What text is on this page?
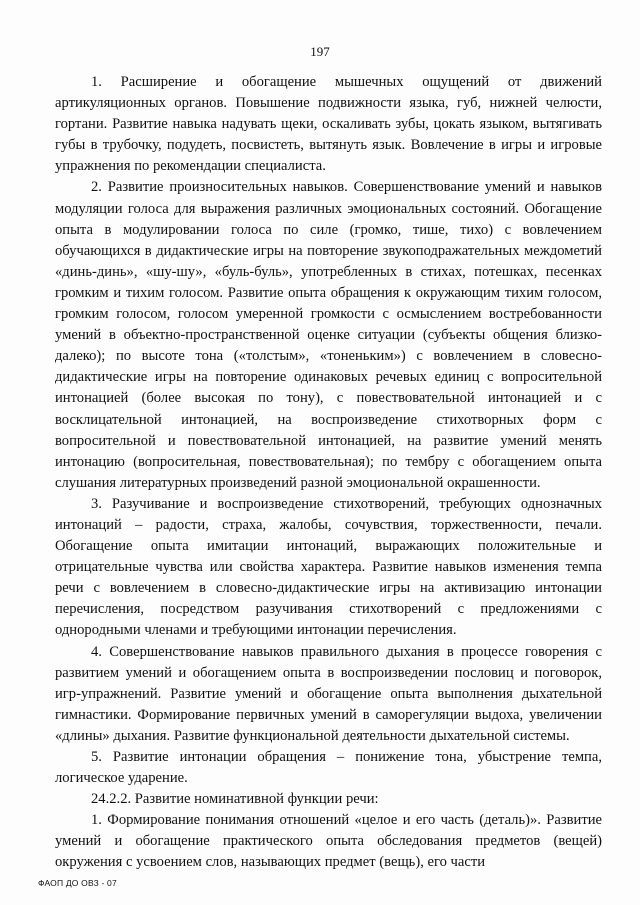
197

1. Расширение и обогащение мышечных ощущений от движений артикуляционных органов. Повышение подвижности языка, губ, нижней челюсти, гортани. Развитие навыка надувать щеки, оскаливать зубы, цокать языком, вытягивать губы в трубочку, подудеть, посвистеть, вытянуть язык. Вовлечение в игры и игровые упражнения по рекомендации специалиста.

2. Развитие произносительных навыков. Совершенствование умений и навыков модуляции голоса для выражения различных эмоциональных состояний. Обогащение опыта в модулировании голоса по силе (громко, тише, тихо) с вовлечением обучающихся в дидактические игры на повторение звукоподражательных междометий «динь-динь», «шу-шу», «буль-буль», употребленных в стихах, потешках, песенках громким и тихим голосом. Развитие опыта обращения к окружающим тихим голосом, громким голосом, голосом умеренной громкости с осмыслением востребованности умений в объектно-пространственной оценке ситуации (субъекты общения близко-далеко); по высоте тона («толстым», «тоненьким») с вовлечением в словесно-дидактические игры на повторение одинаковых речевых единиц с вопросительной интонацией (более высокая по тону), с повествовательной интонацией и с восклицательной интонацией, на воспроизведение стихотворных форм с вопросительной и повествовательной интонацией, на развитие умений менять интонацию (вопросительная, повествовательная); по тембру с обогащением опыта слушания литературных произведений разной эмоциональной окрашенности.

3. Разучивание и воспроизведение стихотворений, требующих однозначных интонаций – радости, страха, жалобы, сочувствия, торжественности, печали. Обогащение опыта имитации интонаций, выражающих положительные и отрицательные чувства или свойства характера. Развитие навыков изменения темпа речи с вовлечением в словесно-дидактические игры на активизацию интонации перечисления, посредством разучивания стихотворений с предложениями с однородными членами и требующими интонации перечисления.

4. Совершенствование навыков правильного дыхания в процессе говорения с развитием умений и обогащением опыта в воспроизведении пословиц и поговорок, игр-упражнений. Развитие умений и обогащение опыта выполнения дыхательной гимнастики. Формирование первичных умений в саморегуляции выдоха, увеличении «длины» дыхания. Развитие функциональной деятельности дыхательной системы.

5. Развитие интонации обращения – понижение тона, убыстрение темпа, логическое ударение.

24.2.2. Развитие номинативной функции речи:

1. Формирование понимания отношений «целое и его часть (деталь)». Развитие умений и обогащение практического опыта обследования предметов (вещей) окружения с усвоением слов, называющих предмет (вещь), его части

ФАОП ДО ОВЗ - 07
